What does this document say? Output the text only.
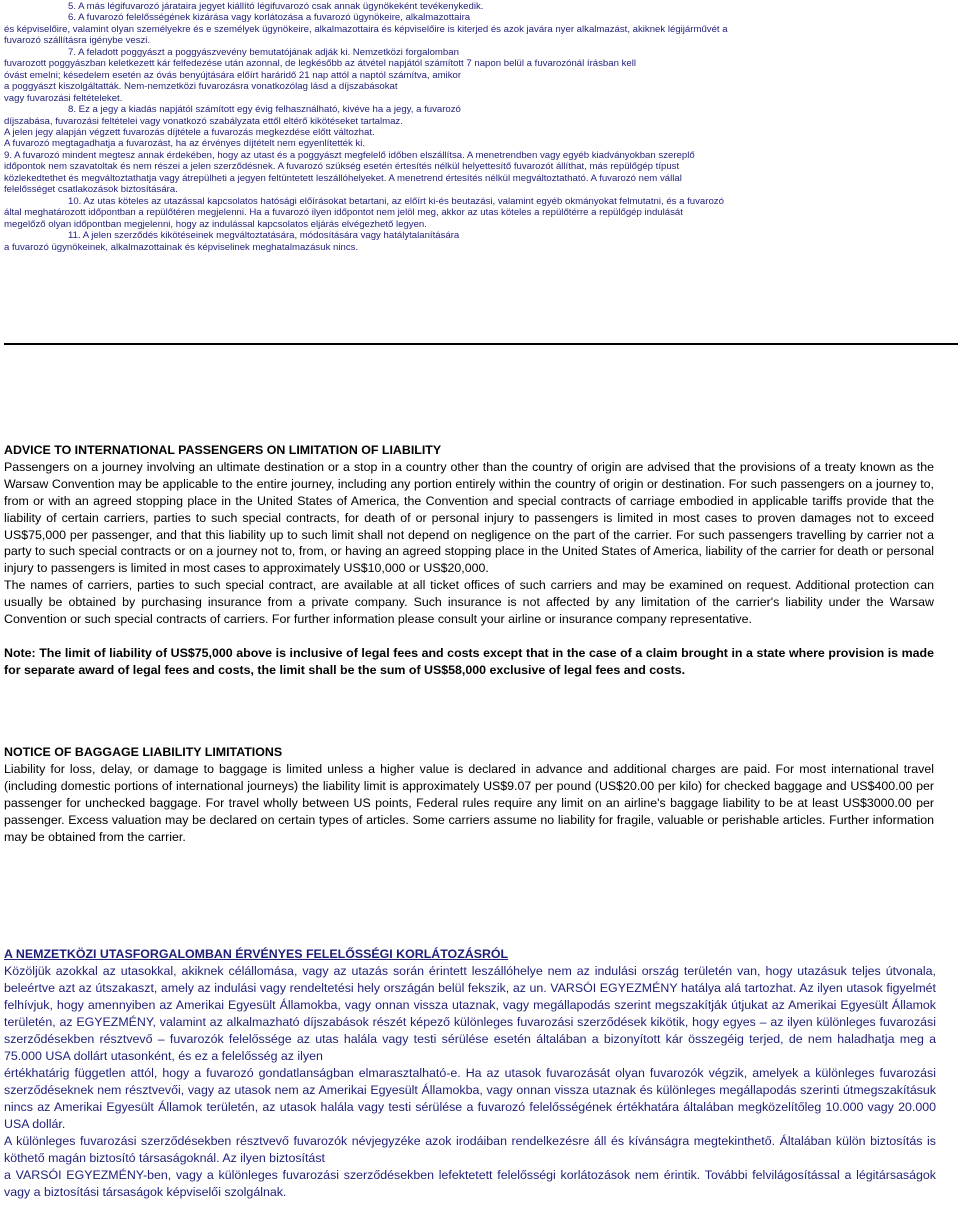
5. A más légifuvarozó járataira jegyet kiállító légifuvarozó csak annak ügynökeként tevékenykedik.

6. A fuvarozó felelősségének kizárása vagy korlátozása a fuvarozó ügynökeire, alkalmazottaira

és képviselőire, valamint olyan személyekre és e személyek ügynökeire, alkalmazottaira és képviselőire is kiterjed és azok javára nyer alkalmazást, akiknek légijárművét a

fuvarozó szállításra igénybe veszi.

7. A feladott poggyászt a poggyászvevény bemutatójának adják ki. Nemzetközi forgalomban

fuvarozott poggyászban keletkezett kár felfedezése után azonnal, de legkésőbb az átvétel napjától számított 7 napon belül a fuvarozónál írásban kell

óvást emelni; késedelem esetén az óvás benyújtására előírt haráridő 21 nap attól a naptól számítva, amikor

a poggyászt kiszolgáltatták. Nem-nemzetközi fuvarozásra vonatkozólag lásd a díjszabásokat

vagy fuvarozási feltételeket.

8. Ez a jegy a kiadás napjától számított egy évig felhasználható, kivéve ha a jegy, a fuvarozó

díjszabása, fuvarozási feltételei vagy vonatkozó szabályzata ettől eltérő kikötéseket tartalmaz.

A jelen jegy alapján végzett fuvarozás díjtétele a fuvarozás megkezdése előtt változhat.

A fuvarozó megtagadhatja a fuvarozást, ha az érvényes díjtételt nem egyenlítették ki.

9. A fuvarozó mindent megtesz annak érdekében, hogy az utast és a poggyászt megfelelő időben elszállítsa. A menetrendben vagy egyéb kiadványokban szereplő

időpontok nem szavatoltak és nem részei a jelen szerződésnek. A fuvarozó szükség esetén értesítés nélkül helyettesítő fuvarozót állíthat, más repülőgép típust

közlekedtethet és megváltoztathatja vagy átrepülheti a jegyen feltüntetett leszállóhelyeket. A menetrend értesítés nélkül megváltoztatható. A fuvarozó nem vállal

felelősséget csatlakozások biztosítására.

10. Az utas köteles az utazással kapcsolatos hatósági előírásokat betartani, az előírt ki-és beutazási, valamint egyéb okmányokat felmutatni, és a fuvarozó

által meghatározott időpontban a repülőtéren megjelenni. Ha a fuvarozó ilyen időpontot nem jelöl meg, akkor az utas köteles a repülőtérre a repülőgép indulását

megelőző olyan időpontban megjelenni, hogy az indulással kapcsolatos eljárás elvégezhető legyen.

11. A jelen szerződés kikötéseinek megváltoztatására, módosítására vagy hatálytalanítására

a fuvarozó ügynökeinek, alkalmazottainak és képviselinek meghatalmazásuk nincs.

ADVICE TO INTERNATIONAL PASSENGERS ON LIMITATION OF LIABILITY

Passengers on a journey involving an ultimate destination or a stop in a country other than the country of origin are advised that the provisions of a treaty known as the Warsaw Convention may be applicable to the entire journey, including any portion entirely within the country of origin or destination. For such passengers on a journey to, from or with an agreed stopping place in the United States of America, the Convention and special contracts of carriage embodied in applicable tariffs provide that the liability of certain carriers, parties to such special contracts, for death of or personal injury to passengers is limited in most cases to proven damages not to exceed US$75,000 per passenger, and that this liability up to such limit shall not depend on negligence on the part of the carrier. For such passengers travelling by carrier not a party to such special contracts or on a journey not to, from, or having an agreed stopping place in the United States of America, liability of the carrier for death or personal injury to passengers is limited in most cases to approximately US$10,000 or US$20,000.

The names of carriers, parties to such special contract, are available at all ticket offices of such carriers and may be examined on request. Additional protection can usually be obtained by purchasing insurance from a private company. Such insurance is not affected by any limitation of the carrier's liability under the Warsaw Convention or such special contracts of carriers. For further information please consult your airline or insurance company representative.

Note: The limit of liability of US$75,000 above is inclusive of legal fees and costs except that in the case of a claim brought in a state where provision is made for separate award of legal fees and costs, the limit shall be the sum of US$58,000 exclusive of legal fees and costs.

NOTICE OF BAGGAGE LIABILITY LIMITATIONS

Liability for loss, delay, or damage to baggage is limited unless a higher value is declared in advance and additional charges are paid. For most international travel (including domestic portions of international journeys) the liability limit is approximately US$9.07 per pound (US$20.00 per kilo) for checked baggage and US$400.00 per passenger for unchecked baggage. For travel wholly between US points, Federal rules require any limit on an airline's baggage liability to be at least US$3000.00 per passenger. Excess valuation may be declared on certain types of articles. Some carriers assume no liability for fragile, valuable or perishable articles. Further information may be obtained from the carrier.

A NEMZETKÖZI UTASFORGALOMBAN ÉRVÉNYES FELELŐSSÉGI KORLÁTOZÁSRÓL

Közöljük azokkal az utasokkal, akiknek célállomása, vagy az utazás során érintett leszállóhelye nem az indulási ország területén van, hogy utazásuk teljes útvonala, beleértve azt az útszakaszt, amely az indulási vagy rendeltetési hely országán belül fekszik, az un. VARSÓI EGYEZMÉNY hatálya alá tartozhat. Az ilyen utasok figyelmét felhívjuk, hogy amennyiben az Amerikai Egyesült Államokba, vagy onnan vissza utaznak, vagy megállapodás szerint megszakítják útjukat az Amerikai Egyesült Államok területén, az EGYEZMÉNY, valamint az alkalmazható díjszabások részét képező különleges fuvarozási szerződések kikötik, hogy egyes – az ilyen különleges fuvarozási szerződésekben résztvevő – fuvarozók felelőssége az utas halála vagy testi sérülése esetén általában a bizonyított kár összegéig terjed, de nem haladhatja meg a 75.000 USA dollárt utasonként, és ez a felelősség az ilyen

értékhatárig független attól, hogy a fuvarozó gondatlanságban elmarasztalható-e. Ha az utasok fuvarozását olyan fuvarozók végzik, amelyek a különleges fuvarozási szerződéseknek nem résztvevői, vagy az utasok nem az Amerikai Egyesült Államokba, vagy onnan vissza utaznak és különleges megállapodás szerinti útmegszakításuk nincs az Amerikai Egyesült Államok területén, az utasok halála vagy testi sérülése a fuvarozó felelősségének értékhatára általában megközelítőleg 10.000 vagy 20.000 USA dollár.

A különleges fuvarozási szerződésekben résztvevő fuvarozók névjegyzéke azok irodáiban rendelkezésre áll és kívánságra megtekinthető. Általában külön biztosítás is köthető magán biztosító társaságoknál. Az ilyen biztosítást

a VARSÓI EGYEZMÉNY-ben, vagy a különleges fuvarozási szerződésekben lefektetett felelősségi korlátozások nem érintik. További felvilágosítással a légitársaságok vagy a biztosítási társaságok képviselői szolgálnak.
